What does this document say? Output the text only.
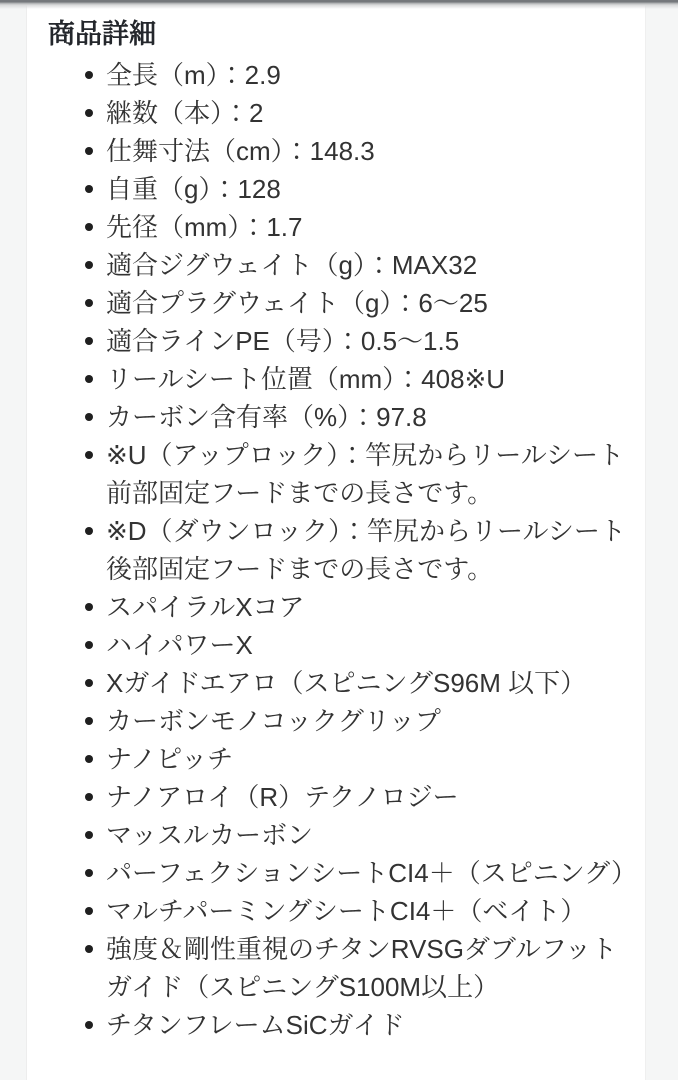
商品詳細
全長（m）：2.9
継数（本）：2
仕舞寸法（cm）：148.3
自重（g）：128
先径（mm）：1.7
適合ジグウェイト（g）：MAX32
適合プラグウェイト（g）：6〜25
適合ラインPE（号）：0.5〜1.5
リールシート位置（mm）：408※U
カーボン含有率（%）：97.8
※U（アップロック）：竿尻からリールシート前部固定フードまでの長さです。
※D（ダウンロック）：竿尻からリールシート後部固定フードまでの長さです。
スパイラルXコア
ハイパワーX
Xガイドエアロ（スピニングS96M 以下）
カーボンモノコックグリップ
ナノピッチ
ナノアロイ（R）テクノロジー
マッスルカーボン
パーフェクションシートCI4＋（スピニング）
マルチパーミングシートCI4＋（ベイト）
強度＆剛性重視のチタンRVSGダブルフットガイド（スピニングS100M以上）
チタンフレームSiCガイド
